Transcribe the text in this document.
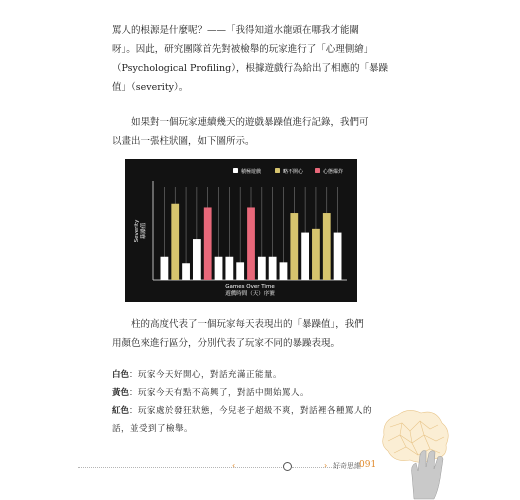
罵人的根源是什麼呢？——「我得知道水龍頭在哪我才能關
呀」。因此，研究團隊首先對被檢舉的玩家進行了「心理側繪」
（Psychological Profiling），根據遊戲行為給出了相應的「暴躁
值」（severity）。
如果對一個玩家連續幾天的遊戲暴躁值進行記錄，我們可
以畫出一張柱狀圖，如下圖所示。
積極遊戲	略不開心	心態爆炸
Severity 暴躁值
Games Over Time
遊戲時間（天）序號
柱的高度代表了一個玩家每天表現出的「暴躁值」，我們
用顏色來進行區分，分別代表了玩家不同的暴躁表現。
白色：玩家今天好開心，對話充滿正能量。
黃色：玩家今天有點不高興了，對話中開始罵人。
紅色：玩家處於發狂狀態，今兒老子超級不爽，對話裡各種罵人的
話，並受到了檢舉。
‹	› 好奇思維
091
